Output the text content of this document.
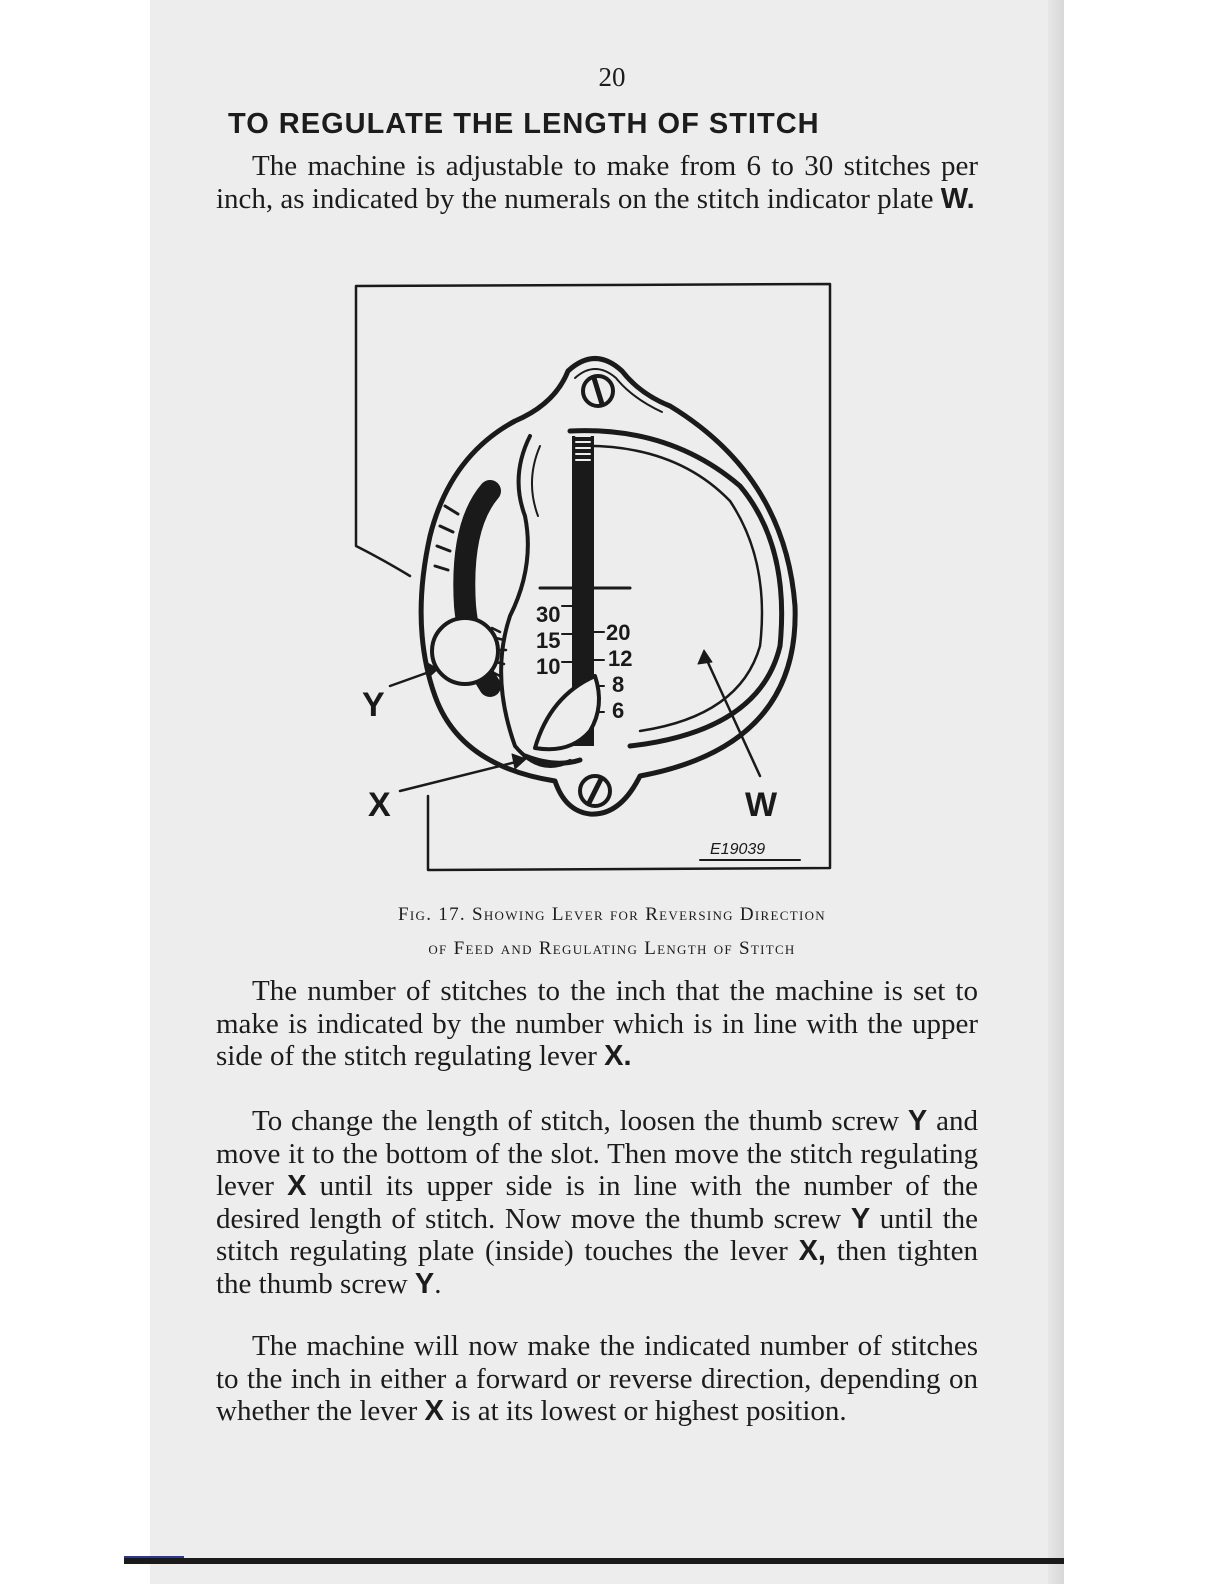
20
TO REGULATE THE LENGTH OF STITCH
The machine is adjustable to make from 6 to 30 stitches per inch, as indicated by the numerals on the stitch indicator plate W.
30
15
10
20
12
8
6
Y
X	W
E19039
Fig. 17. Showing Lever for Reversing Direction
of Feed and Regulating Length of Stitch
The number of stitches to the inch that the machine is set to make is indicated by the number which is in line with the upper side of the stitch regulating lever X.
To change the length of stitch, loosen the thumb screw Y and move it to the bottom of the slot. Then move the stitch regulating lever X until its upper side is in line with the number of the desired length of stitch. Now move the thumb screw Y until the stitch regulating plate (inside) touches the lever X, then tighten the thumb screw Y.
The machine will now make the indicated number of stitches to the inch in either a forward or reverse direction, depending on whether the lever X is at its lowest or highest position.
